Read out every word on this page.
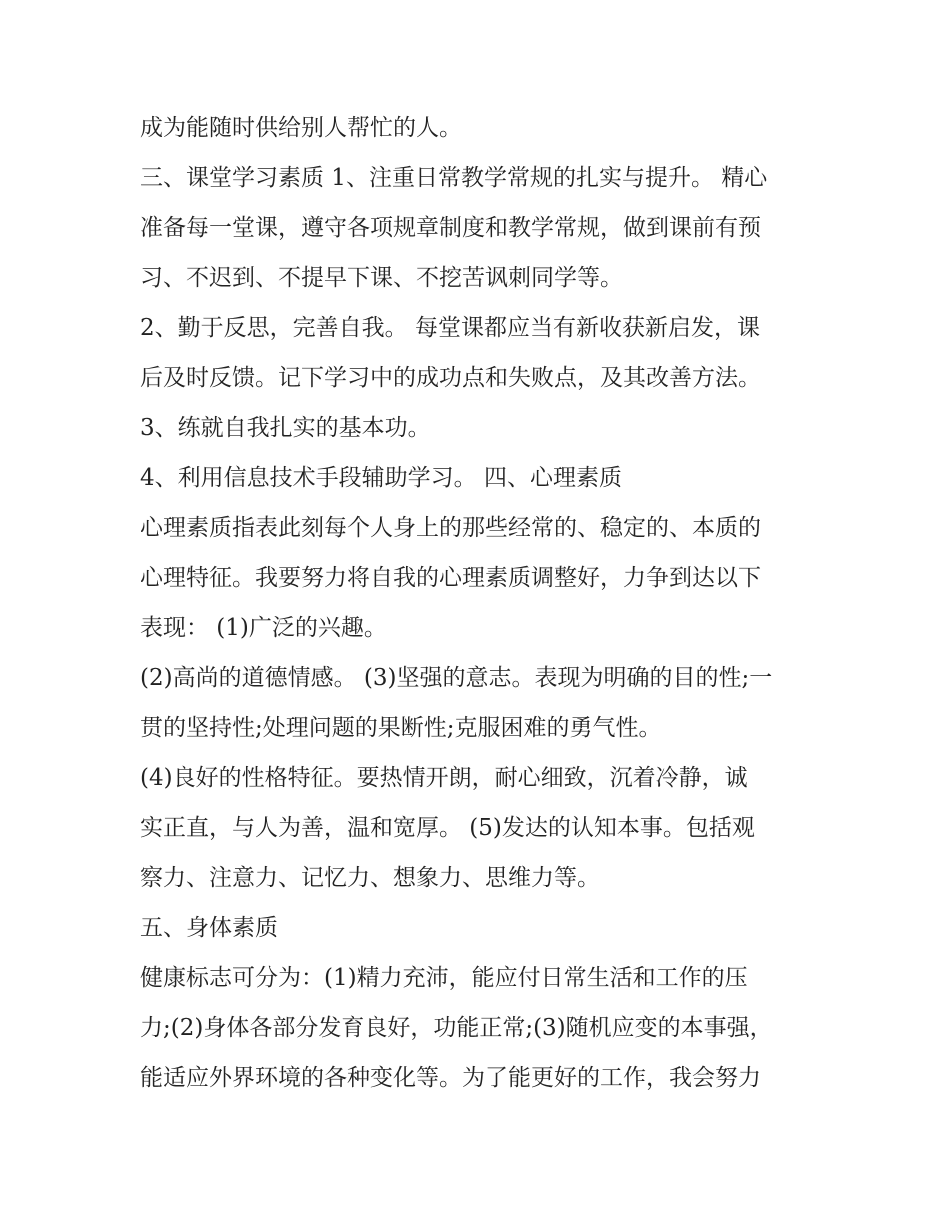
成为能随时供给别人帮忙的人。
三、课堂学习素质 1、注重日常教学常规的扎实与提升。 精心
准备每一堂课，遵守各项规章制度和教学常规，做到课前有预
习、不迟到、不提早下课、不挖苦讽刺同学等。
2、勤于反思，完善自我。 每堂课都应当有新收获新启发，课
后及时反馈。记下学习中的成功点和失败点，及其改善方法。
3、练就自我扎实的基本功。
4、利用信息技术手段辅助学习。 四、心理素质
心理素质指表此刻每个人身上的那些经常的、稳定的、本质的
心理特征。我要努力将自我的心理素质调整好，力争到达以下
表现： (1)广泛的兴趣。
(2)高尚的道德情感。 (3)坚强的意志。表现为明确的目的性;一
贯的坚持性;处理问题的果断性;克服困难的勇气性。
(4)良好的性格特征。要热情开朗，耐心细致，沉着冷静，诚
实正直，与人为善，温和宽厚。 (5)发达的认知本事。包括观
察力、注意力、记忆力、想象力、思维力等。
五、身体素质
健康标志可分为：(1)精力充沛，能应付日常生活和工作的压
力;(2)身体各部分发育良好，功能正常;(3)随机应变的本事强，
能适应外界环境的各种变化等。为了能更好的工作，我会努力
